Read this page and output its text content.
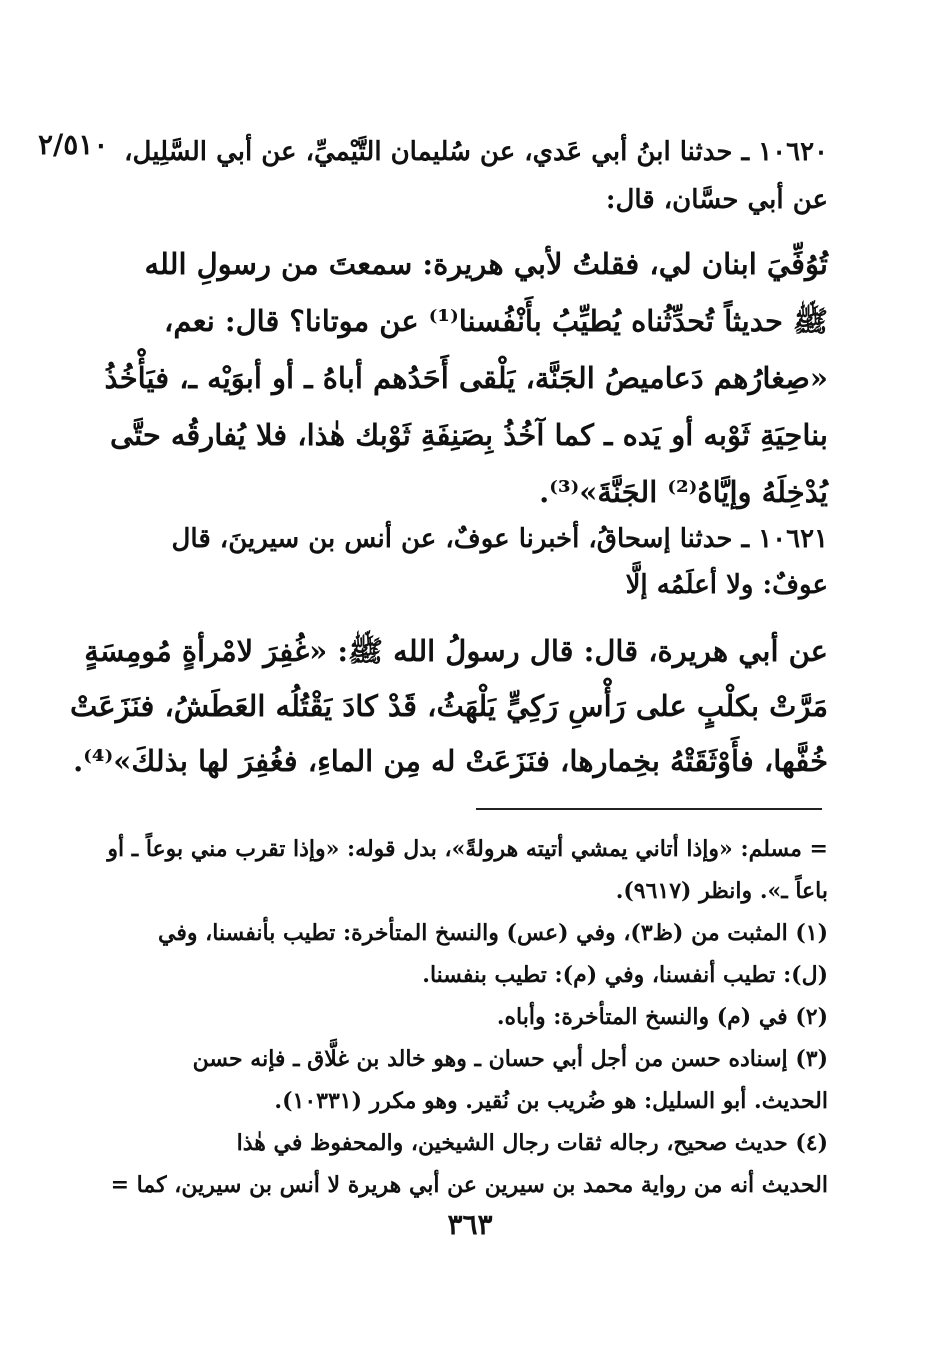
٢/٥١٠ ١٠٦٢٠ ـ حدثنا ابنُ أبي عَدي، عن سُليمان التَّيْميِّ، عن أبي السَّلِيل،
عن أبي حسَّان، قال:
تُوُفِّيَ ابنان لي، فقلتُ لأبي هريرة: سمعتَ من رسولِ الله
ﷺ حديثاً تُحدِّثُناه يُطيِّبُ بأَنْفُسنا⁽¹⁾ عن موتانا؟ قال: نعم،
«صِغارُهم دَعاميصُ الجَنَّة، يَلْقى أَحَدُهم أباهُ ـ أو أبوَيْه ـ، فيَأْخُذُ
بناحِيَةِ ثَوْبه أو يَده ـ كما آخُذُ بِصَنِفَةِ ثَوْبك هٰذا، فلا يُفارقُه حتَّى
يُدْخِلَهُ وإيَّاهُ⁽²⁾ الجَنَّةَ»⁽³⁾.
١٠٦٢١ ـ حدثنا إسحاقُ، أخبرنا عوفٌ، عن أنس بن سيرينَ، قال
عوفٌ: ولا أعلَمُه إلَّا
عن أبي هريرة، قال: قال رسولُ الله ﷺ: «غُفِرَ لامْرأةٍ مُومِسَةٍ
مَرَّتْ بكلْبٍ على رَأْسِ رَكِيٍّ يَلْهَثُ، قَدْ كادَ يَقْتُلُه العَطَشُ، فنَزَعَتْ
خُفَّها، فأَوْثَقَتْهُ بخِمارها، فنَزَعَتْ له مِن الماءِ، فغُفِرَ لها بذلكَ»⁽⁴⁾.
= مسلم: «وإذا أتاني يمشي أتيته هرولةً»، بدل قوله: «وإذا تقرب مني بوعاً ـ أو
باعاً ـ». وانظر (٩٦١٧).
(١) المثبت من (ظ٣)، وفي (عس) والنسخ المتأخرة: تطيب بأنفسنا، وفي
(ل): تطيب أنفسنا، وفي (م): تطيب بنفسنا.
(٢) في (م) والنسخ المتأخرة: وأباه.
(٣) إسناده حسن من أجل أبي حسان ـ وهو خالد بن غلَّاق ـ فإنه حسن
الحديث. أبو السليل: هو ضُريب بن نُقير. وهو مكرر (١٠٣٣١).
(٤) حديث صحيح، رجاله ثقات رجال الشيخين، والمحفوظ في هٰذا
الحديث أنه من رواية محمد بن سيرين عن أبي هريرة لا أنس بن سيرين، كما =
٣٦٣
